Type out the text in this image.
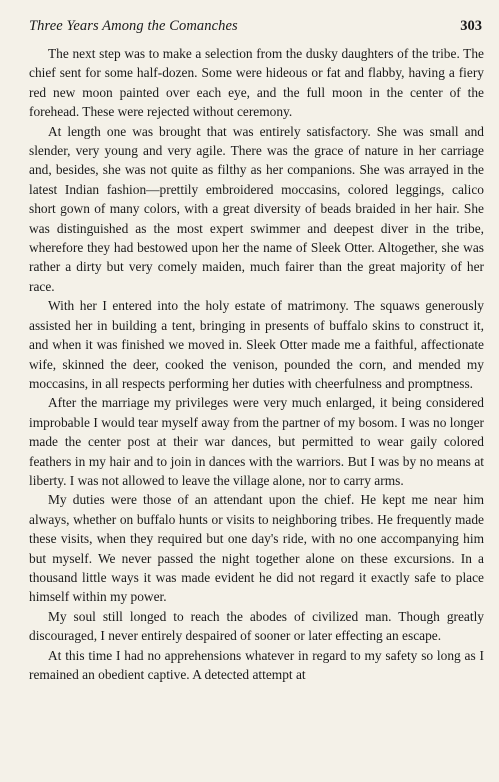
Three Years Among the Comanches	303

The next step was to make a selection from the dusky daughters of the tribe. The chief sent for some half-dozen. Some were hideous or fat and flabby, having a fiery red new moon painted over each eye, and the full moon in the center of the forehead. These were rejected without ceremony.

At length one was brought that was entirely satisfactory. She was small and slender, very young and very agile. There was the grace of nature in her carriage and, besides, she was not quite as filthy as her companions. She was arrayed in the latest Indian fashion—prettily embroidered moccasins, colored leggings, calico short gown of many colors, with a great diversity of beads braided in her hair. She was distinguished as the most expert swimmer and deepest diver in the tribe, wherefore they had bestowed upon her the name of Sleek Otter. Altogether, she was rather a dirty but very comely maiden, much fairer than the great majority of her race.

With her I entered into the holy estate of matrimony. The squaws generously assisted her in building a tent, bringing in presents of buffalo skins to construct it, and when it was finished we moved in. Sleek Otter made me a faithful, affectionate wife, skinned the deer, cooked the venison, pounded the corn, and mended my moccasins, in all respects performing her duties with cheerfulness and promptness.

After the marriage my privileges were very much enlarged, it being considered improbable I would tear myself away from the partner of my bosom. I was no longer made the center post at their war dances, but permitted to wear gaily colored feathers in my hair and to join in dances with the warriors. But I was by no means at liberty. I was not allowed to leave the village alone, nor to carry arms.

My duties were those of an attendant upon the chief. He kept me near him always, whether on buffalo hunts or visits to neighboring tribes. He frequently made these visits, when they required but one day's ride, with no one accompanying him but myself. We never passed the night together alone on these excursions. In a thousand little ways it was made evident he did not regard it exactly safe to place himself within my power.

My soul still longed to reach the abodes of civilized man. Though greatly discouraged, I never entirely despaired of sooner or later effecting an escape.

At this time I had no apprehensions whatever in regard to my safety so long as I remained an obedient captive. A detected attempt at
